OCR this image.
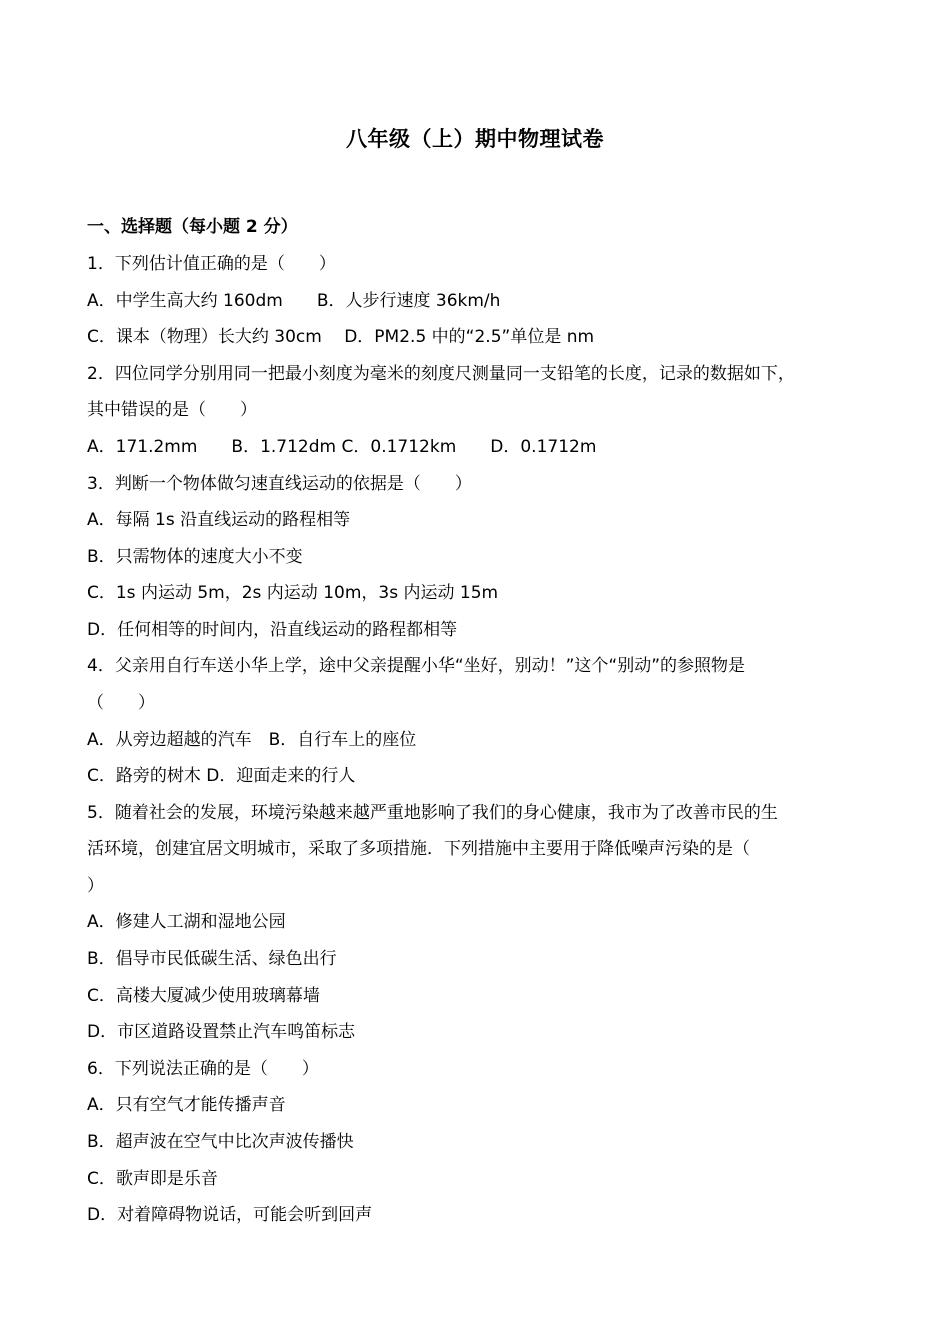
八年级（上）期中物理试卷
一、选择题（每小题 2 分）
1．下列估计值正确的是（　　）
A．中学生高大约 160dm　　B．人步行速度 36km/h
C．课本（物理）长大约 30cm　 D．PM2.5 中的“2.5”单位是 nm
2．四位同学分别用同一把最小刻度为毫米的刻度尺测量同一支铅笔的长度，记录的数据如下，
其中错误的是（　　）
A．171.2mm　　B．1.712dm C．0.1712km　　D．0.1712m
3．判断一个物体做匀速直线运动的依据是（　　）
A．每隔 1s 沿直线运动的路程相等
B．只需物体的速度大小不变
C．1s 内运动 5m，2s 内运动 10m，3s 内运动 15m
D．任何相等的时间内，沿直线运动的路程都相等
4．父亲用自行车送小华上学，途中父亲提醒小华“坐好，别动！”这个“别动”的参照物是
（　　）
A．从旁边超越的汽车　B．自行车上的座位
C．路旁的树木 D．迎面走来的行人
5．随着社会的发展，环境污染越来越严重地影响了我们的身心健康，我市为了改善市民的生
活环境，创建宜居文明城市，采取了多项措施．下列措施中主要用于降低噪声污染的是（
）
A．修建人工湖和湿地公园
B．倡导市民低碳生活、绿色出行
C．高楼大厦减少使用玻璃幕墙
D．市区道路设置禁止汽车鸣笛标志
6．下列说法正确的是（　　）
A．只有空气才能传播声音
B．超声波在空气中比次声波传播快
C．歌声即是乐音
D．对着障碍物说话，可能会听到回声
